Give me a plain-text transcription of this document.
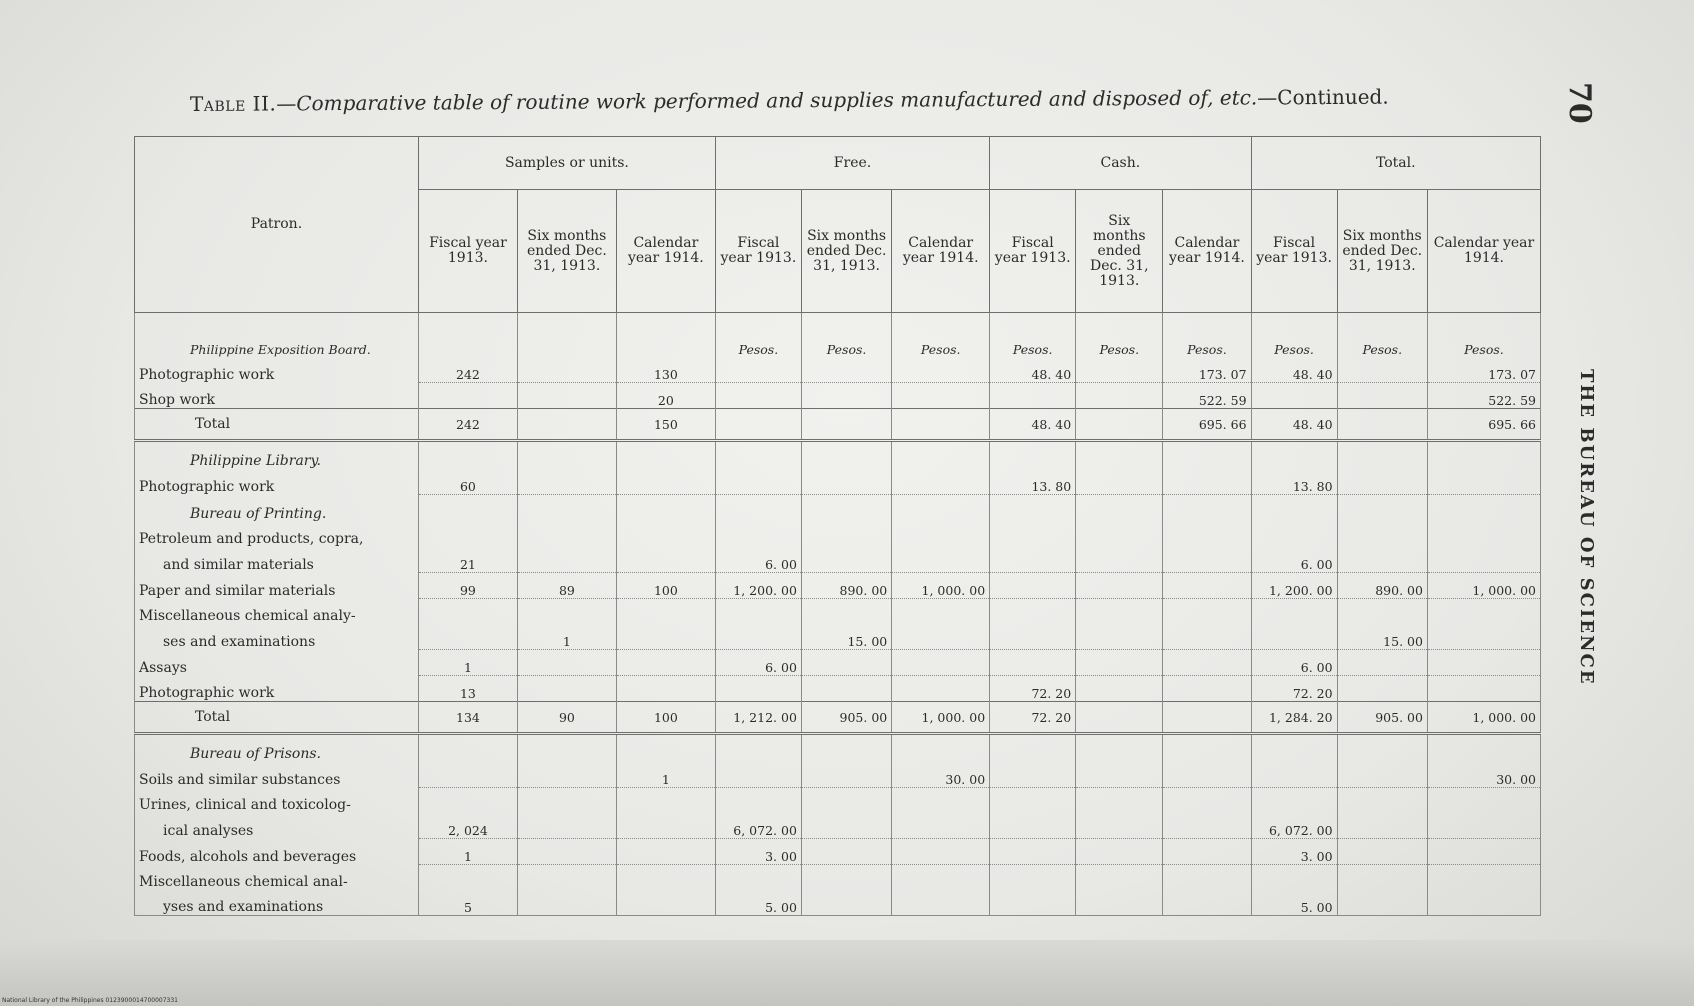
Table II.—Comparative table of routine work performed and supplies manufactured and disposed of, etc.—Continued.	70
THE BUREAU OF SCIENCE
Patron.	Samples or units.			Free.			Cash.			Total.		
	Fiscal year 1913.	Six months ended Dec. 31, 1913.	Calendar year 1914.	Fiscal year 1913.	Six months ended Dec. 31, 1913.	Calendar year 1914.	Fiscal year 1913.	Six months ended Dec. 31, 1913.	Calendar year 1914.	Fiscal year 1913.	Six months ended Dec. 31, 1913.	Calendar year 1914.
Philippine Exposition Board.				Pesos.	Pesos.	Pesos.	Pesos.	Pesos.	Pesos.	Pesos.	Pesos.	Pesos.
Photographic work	242		130				48. 40		173. 07	48. 40		173. 07
Shop work			20						522. 59			522. 59
Total	242		150				48. 40		695. 66	48. 40		695. 66
Philippine Library.												
Photographic work	60						13. 80			13. 80		
Bureau of Printing.												
Petroleum and products, copra,												
and similar materials	21			6. 00						6. 00		
Paper and similar materials	99	89	100	1, 200. 00	890. 00	1, 000. 00				1, 200. 00	890. 00	1, 000. 00
Miscellaneous chemical analy-												
ses and examinations		1			15. 00						15. 00	
Assays	1			6. 00						6. 00		
Photographic work	13						72. 20			72. 20		
Total	134	90	100	1, 212. 00	905. 00	1, 000. 00	72. 20			1, 284. 20	905. 00	1, 000. 00
Bureau of Prisons.												
Soils and similar substances			1			30. 00						30. 00
Urines, clinical and toxicolog-												
ical analyses	2, 024			6, 072. 00						6, 072. 00		
Foods, alcohols and beverages	1			3. 00						3. 00		
Miscellaneous chemical anal-												
yses and examinations	5			5. 00						5. 00		
National Library of the Philippines 0123900014700007331
